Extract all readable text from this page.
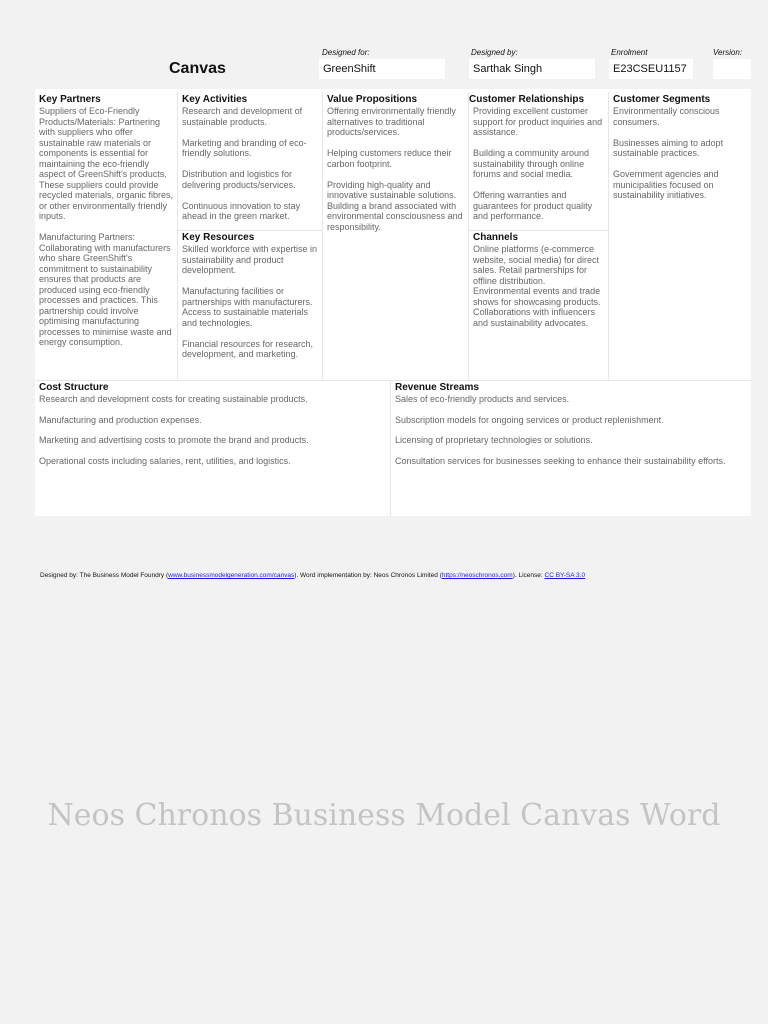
Canvas
Designed for:
GreenShift
Designed by:
Sarthak Singh
Enrolment
E23CSEU1157
Version:
Key Partners

Suppliers of Eco-Friendly Products/Materials: Partnering with suppliers who offer sustainable raw materials or components is essential for maintaining the eco-friendly aspect of GreenShift's products. These suppliers could provide recycled materials, organic fibres, or other environmentally friendly inputs.

Manufacturing Partners: Collaborating with manufacturers who share GreenShift's commitment to sustainability ensures that products are produced using eco-friendly processes and practices. This partnership could involve optimising manufacturing processes to minimise waste and energy consumption.

Key Activities

Research and development of sustainable products.

Marketing and branding of eco-friendly solutions.

Distribution and logistics for delivering products/services.

Continuous innovation to stay ahead in the green market.

Key Resources

Skilled workforce with expertise in sustainability and product development.

Manufacturing facilities or partnerships with manufacturers. Access to sustainable materials and technologies.

Financial resources for research, development, and marketing.

Value Propositions

Offering environmentally friendly alternatives to traditional products/services.

Helping customers reduce their carbon footprint.

Providing high-quality and innovative sustainable solutions. Building a brand associated with environmental consciousness and responsibility.

Customer Relationships

Providing excellent customer support for product inquiries and assistance.

Building a community around sustainability through online forums and social media.

Offering warranties and guarantees for product quality and performance.

Channels

Online platforms (e-commerce website, social media) for direct sales. Retail partnerships for offline distribution. Environmental events and trade shows for showcasing products. Collaborations with influencers and sustainability advocates.

Customer Segments

Environmentally conscious consumers.

Businesses aiming to adopt sustainable practices.

Government agencies and municipalities focused on sustainability initiatives.

Cost Structure

Research and development costs for creating sustainable products.

Manufacturing and production expenses.

Marketing and advertising costs to promote the brand and products.

Operational costs including salaries, rent, utilities, and logistics.

Revenue Streams

Sales of eco-friendly products and services.

Subscription models for ongoing services or product replenishment.

Licensing of proprietary technologies or solutions.

Consultation services for businesses seeking to enhance their sustainability efforts.

Designed by: The Business Model Foundry (www.businessmodelgeneration.com/canvas). Word implementation by: Neos Chronos Limited (https://neoschronos.com). License: CC BY-SA 3.0
Neos Chronos Business Model Canvas Word
